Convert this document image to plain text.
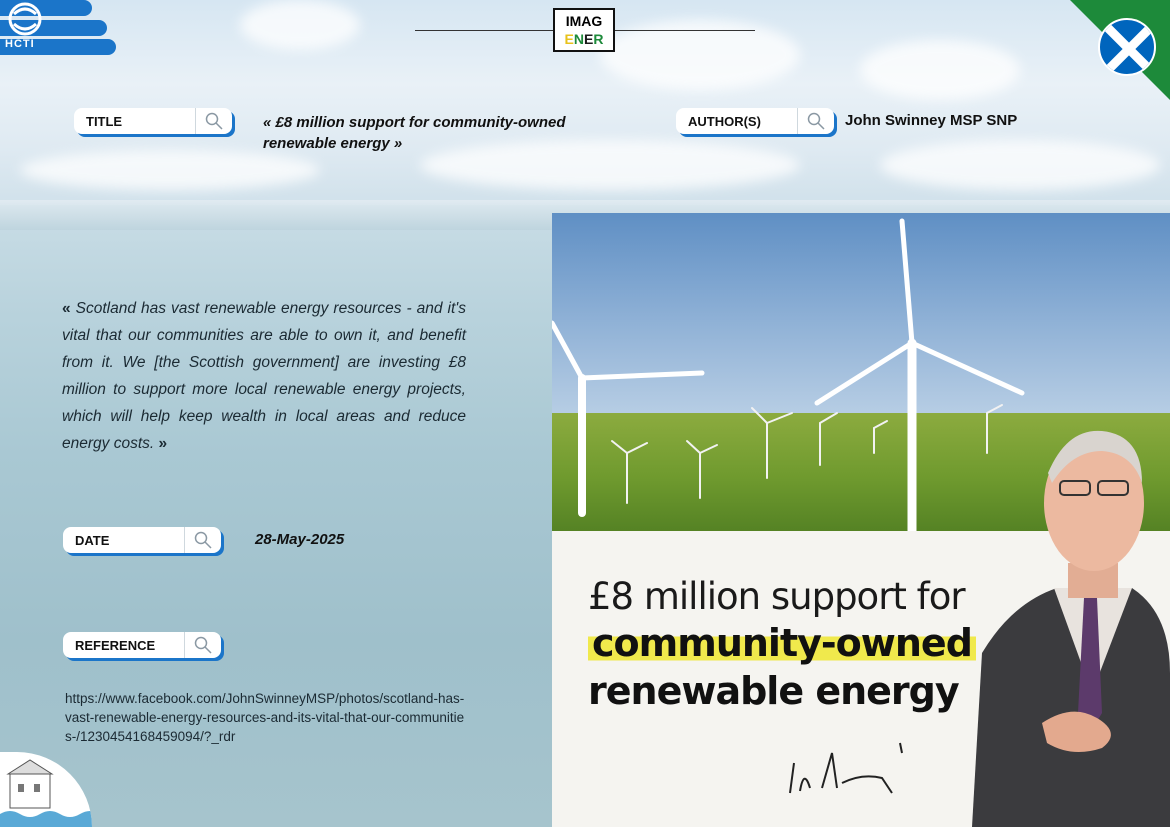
HCTI
IMAG
ENER
TITLE	« £8 million support for community-owned renewable energy »
AUTHOR(S)	John Swinney MSP SNP
« Scotland has vast renewable energy resources - and it's vital that our communities are able to own it, and benefit from it. We [the Scottish government] are investing £8 million to support more local renewable energy projects, which will help keep wealth in local areas and reduce energy costs. »
DATE	28-May-2025
REFERENCE
https://www.facebook.com/JohnSwinneyMSP/photos/scotland-has-vast-renewable-energy-resources-and-its-vital-that-our-communities-/1230454168459094/?_rdr
£8 million support for
community-owned
renewable energy
